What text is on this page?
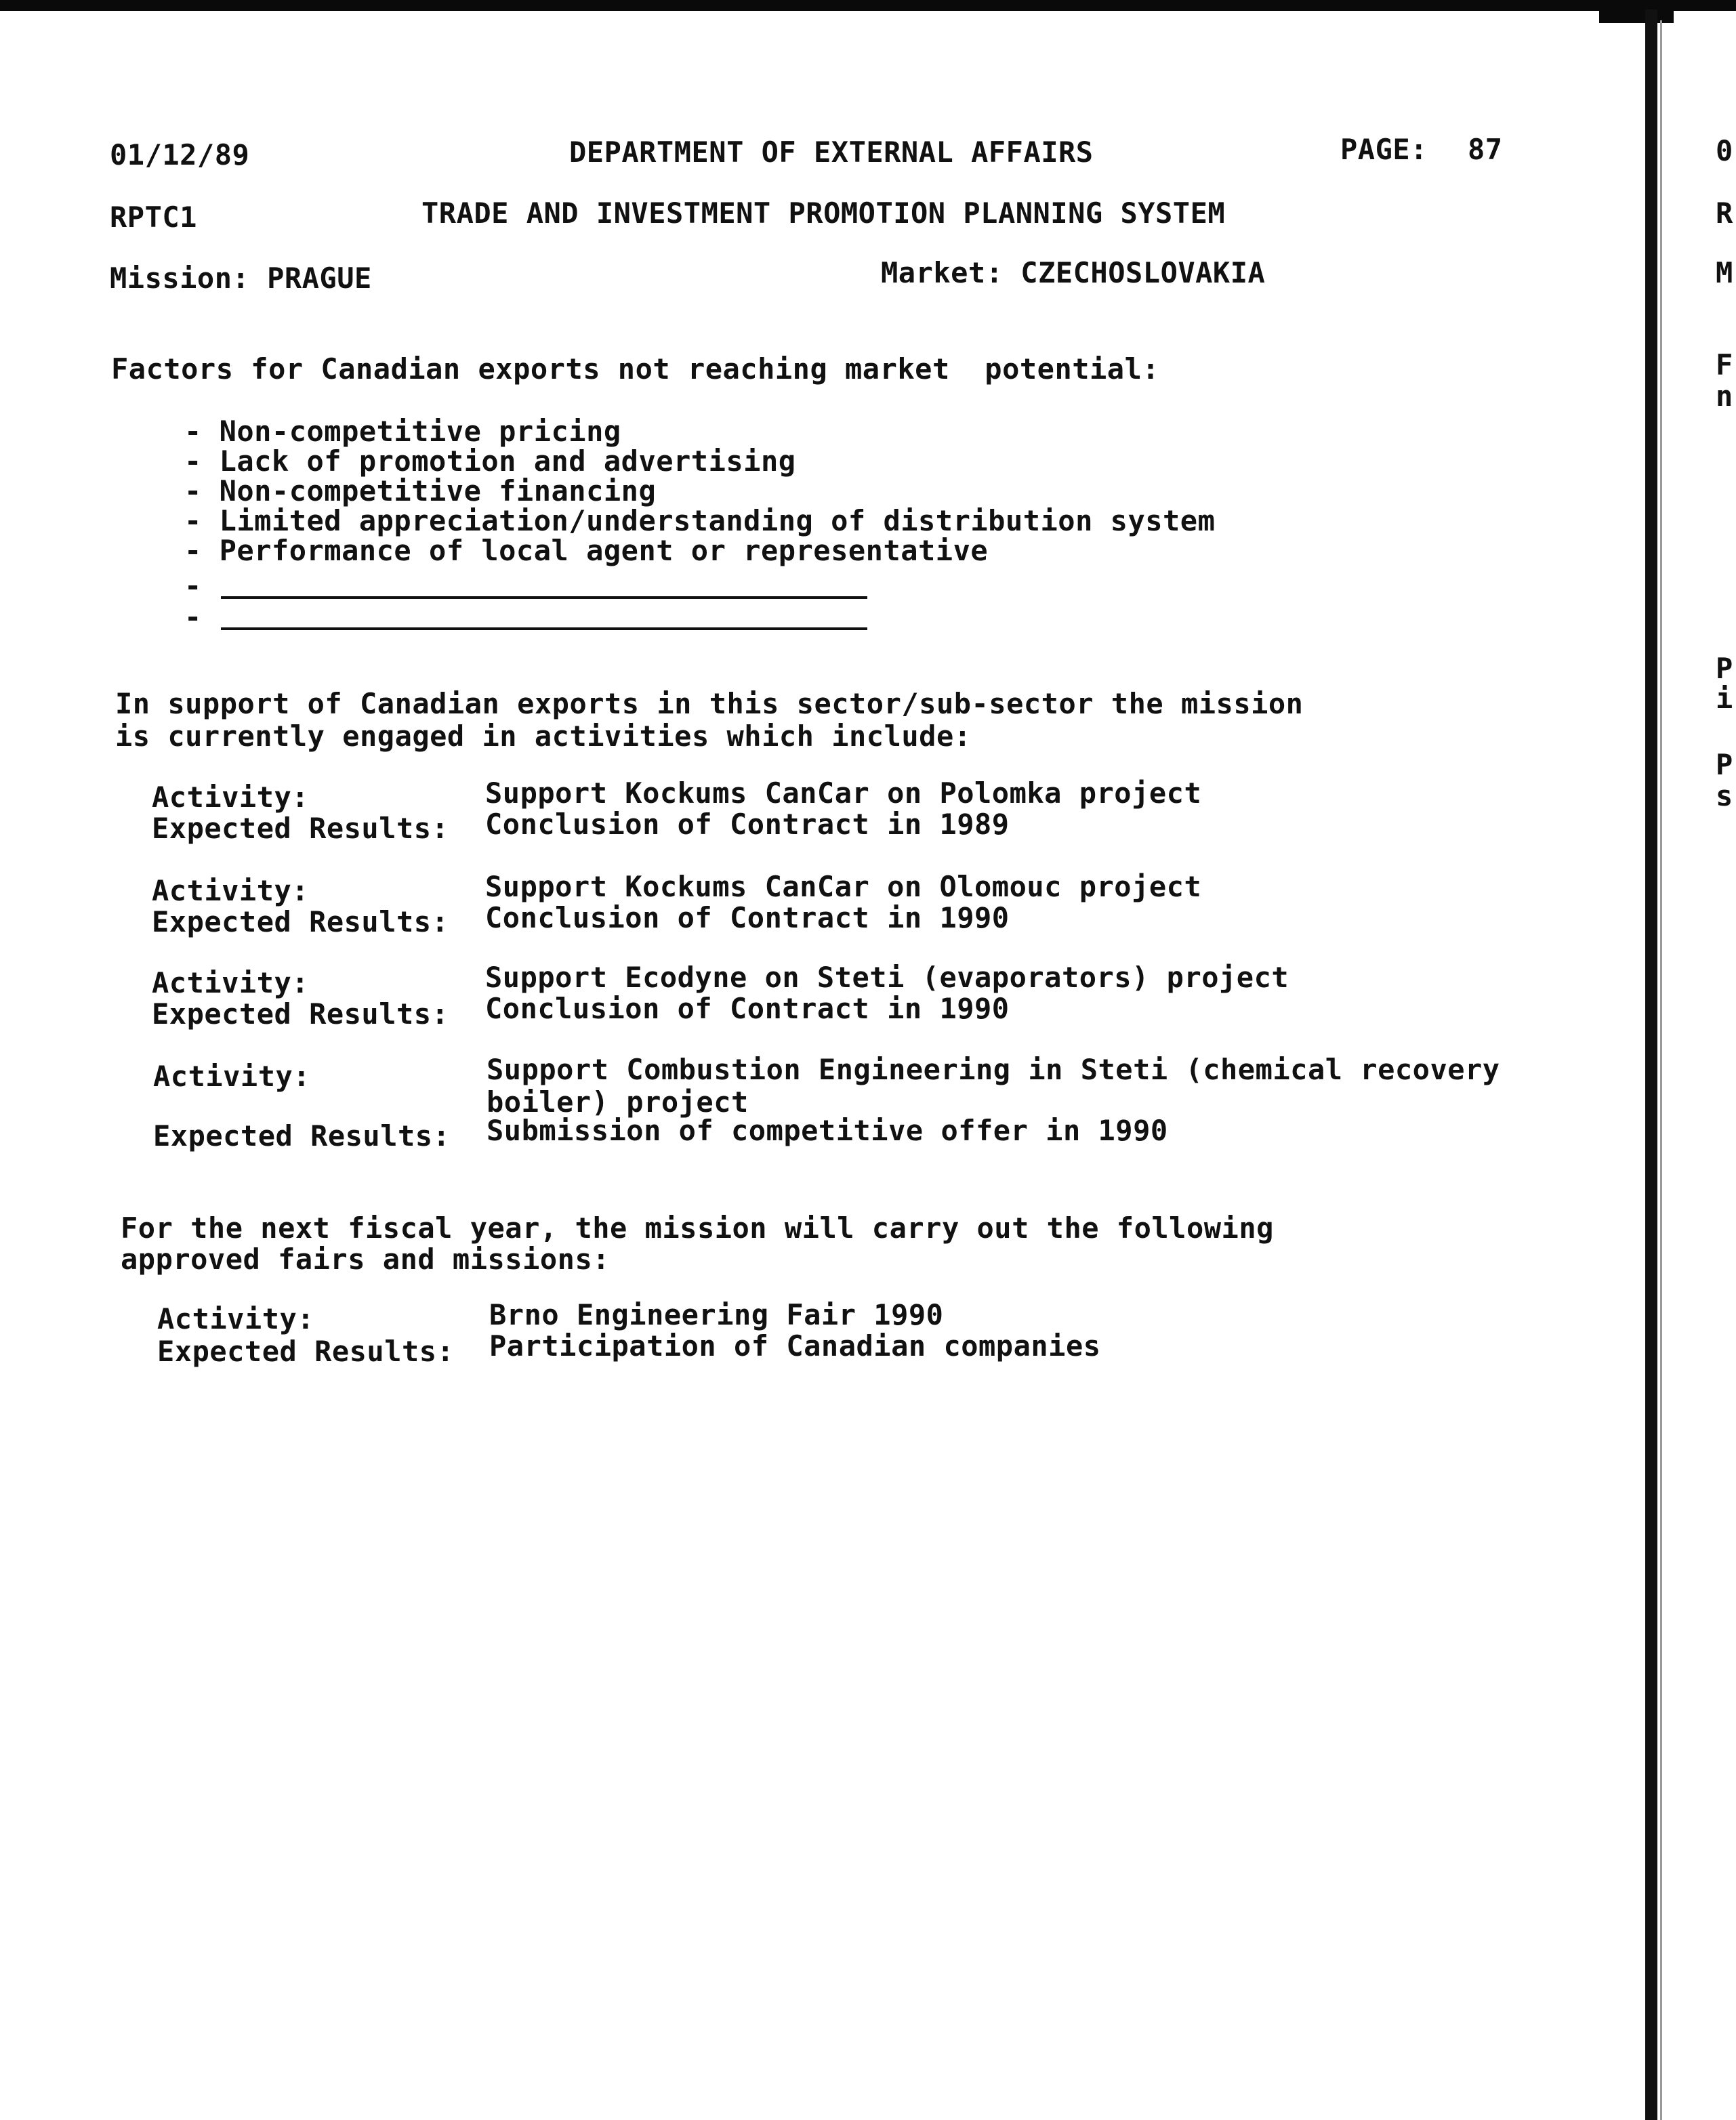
01/12/89	DEPARTMENT OF EXTERNAL AFFAIRS	PAGE: 87
RPTC1	TRADE AND INVESTMENT PROMOTION PLANNING SYSTEM
Mission: PRAGUE	Market: CZECHOSLOVAKIA
Factors for Canadian exports not reaching market  potential:
- Non-competitive pricing
- Lack of promotion and advertising
- Non-competitive financing
- Limited appreciation/understanding of distribution system
- Performance of local agent or representative
-
-
In support of Canadian exports in this sector/sub-sector the mission
is currently engaged in activities which include:
Activity:	Support Kockums CanCar on Polomka project
Expected Results: Conclusion of Contract in 1989
Activity:	Support Kockums CanCar on Olomouc project
Expected Results: Conclusion of Contract in 1990
Activity:	Support Ecodyne on Steti (evaporators) project
Expected Results: Conclusion of Contract in 1990
Activity:	Support Combustion Engineering in Steti (chemical recovery
boiler) project
Expected Results: Submission of competitive offer in 1990
For the next fiscal year, the mission will carry out the following
approved fairs and missions:
Activity:	Brno Engineering Fair 1990
Expected Results: Participation of Canadian companies
0
R
M
F
n
P
i
P
s
